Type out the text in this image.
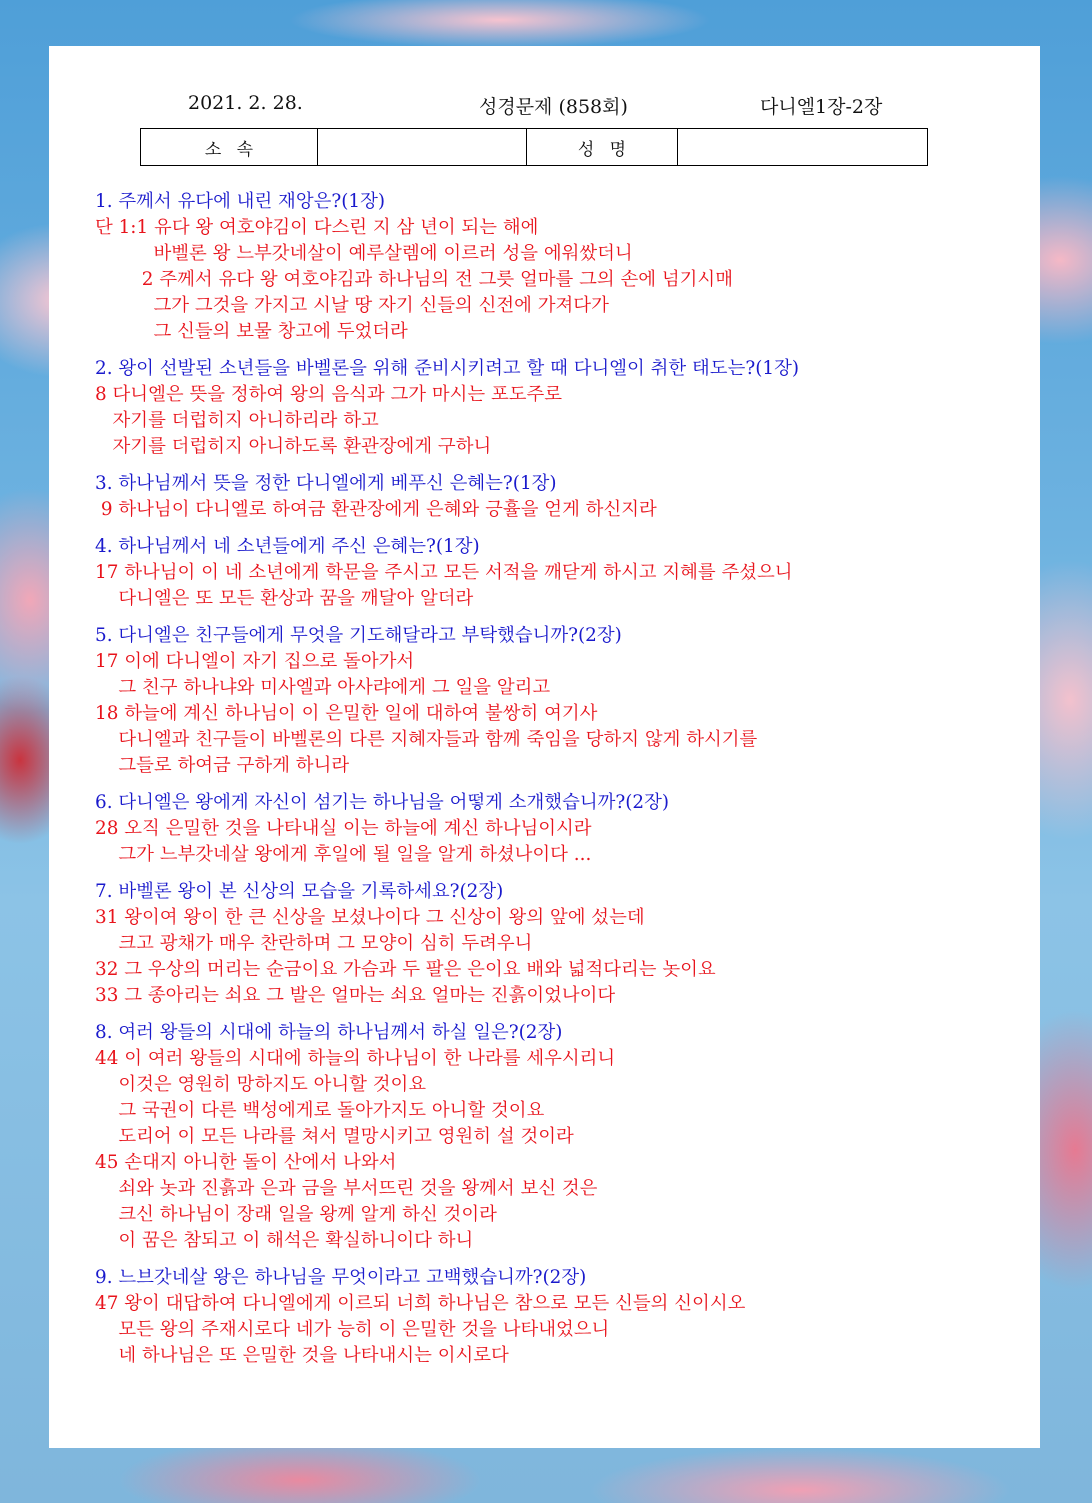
2021. 2. 28.	성경문제 (858회)	다니엘1장-2장
소속		성명	
1. 주께서 유다에 내린 재앙은?(1장)
단 1:1 유다 왕 여호야김이 다스린 지 삼 년이 되는 해에
바벨론 왕 느부갓네살이 예루살렘에 이르러 성을 에워쌌더니
2 주께서 유다 왕 여호야김과 하나님의 전 그릇 얼마를 그의 손에 넘기시매
그가 그것을 가지고 시날 땅 자기 신들의 신전에 가져다가
그 신들의 보물 창고에 두었더라
2. 왕이 선발된 소년들을 바벨론을 위해 준비시키려고 할 때 다니엘이 취한 태도는?(1장)
8 다니엘은 뜻을 정하여 왕의 음식과 그가 마시는 포도주로
자기를 더럽히지 아니하리라 하고
자기를 더럽히지 아니하도록 환관장에게 구하니
3. 하나님께서 뜻을 정한 다니엘에게 베푸신 은혜는?(1장)
9 하나님이 다니엘로 하여금 환관장에게 은혜와 긍휼을 얻게 하신지라
4. 하나님께서 네 소년들에게 주신 은혜는?(1장)
17 하나님이 이 네 소년에게 학문을 주시고 모든 서적을 깨닫게 하시고 지혜를 주셨으니
다니엘은 또 모든 환상과 꿈을 깨달아 알더라
5. 다니엘은 친구들에게 무엇을 기도해달라고 부탁했습니까?(2장)
17 이에 다니엘이 자기 집으로 돌아가서
그 친구 하나냐와 미사엘과 아사랴에게 그 일을 알리고
18 하늘에 계신 하나님이 이 은밀한 일에 대하여 불쌍히 여기사
다니엘과 친구들이 바벨론의 다른 지혜자들과 함께 죽임을 당하지 않게 하시기를
그들로 하여금 구하게 하니라
6. 다니엘은 왕에게 자신이 섬기는 하나님을 어떻게 소개했습니까?(2장)
28 오직 은밀한 것을 나타내실 이는 하늘에 계신 하나님이시라
그가 느부갓네살 왕에게 후일에 될 일을 알게 하셨나이다 ...
7. 바벨론 왕이 본 신상의 모습을 기록하세요?(2장)
31 왕이여 왕이 한 큰 신상을 보셨나이다 그 신상이 왕의 앞에 섰는데
크고 광채가 매우 찬란하며 그 모양이 심히 두려우니
32 그 우상의 머리는 순금이요 가슴과 두 팔은 은이요 배와 넓적다리는 놋이요
33 그 종아리는 쇠요 그 발은 얼마는 쇠요 얼마는 진흙이었나이다
8. 여러 왕들의 시대에 하늘의 하나님께서 하실 일은?(2장)
44 이 여러 왕들의 시대에 하늘의 하나님이 한 나라를 세우시리니
이것은 영원히 망하지도 아니할 것이요
그 국권이 다른 백성에게로 돌아가지도 아니할 것이요
도리어 이 모든 나라를 쳐서 멸망시키고 영원히 설 것이라
45 손대지 아니한 돌이 산에서 나와서
쇠와 놋과 진흙과 은과 금을 부서뜨린 것을 왕께서 보신 것은
크신 하나님이 장래 일을 왕께 알게 하신 것이라
이 꿈은 참되고 이 해석은 확실하니이다 하니
9. 느브갓네살 왕은 하나님을 무엇이라고 고백했습니까?(2장)
47 왕이 대답하여 다니엘에게 이르되 너희 하나님은 참으로 모든 신들의 신이시오
모든 왕의 주재시로다 네가 능히 이 은밀한 것을 나타내었으니
네 하나님은 또 은밀한 것을 나타내시는 이시로다
